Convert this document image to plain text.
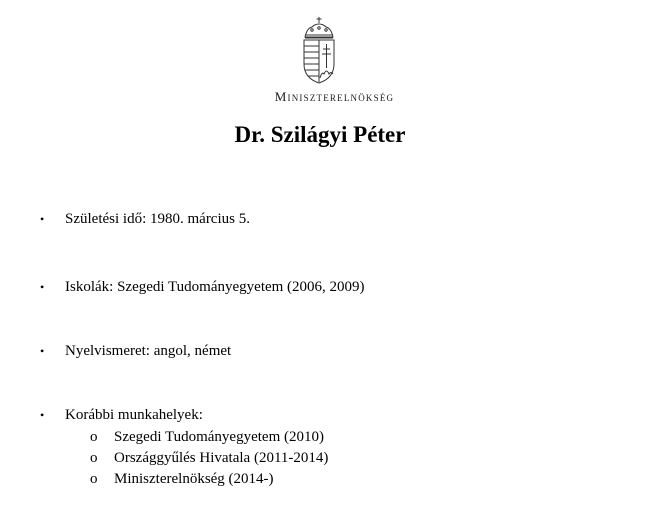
Miniszterelnökség
Dr. Szilágyi Péter
• Születési idő: 1980. március 5.
• Iskolák: Szegedi Tudományegyetem (2006, 2009)
• Nyelvismeret: angol, német
• Korábbi munkahelyek:
o Szegedi Tudományegyetem (2010)
o Országgyűlés Hivatala (2011-2014)
o Miniszterelnökség (2014-)
